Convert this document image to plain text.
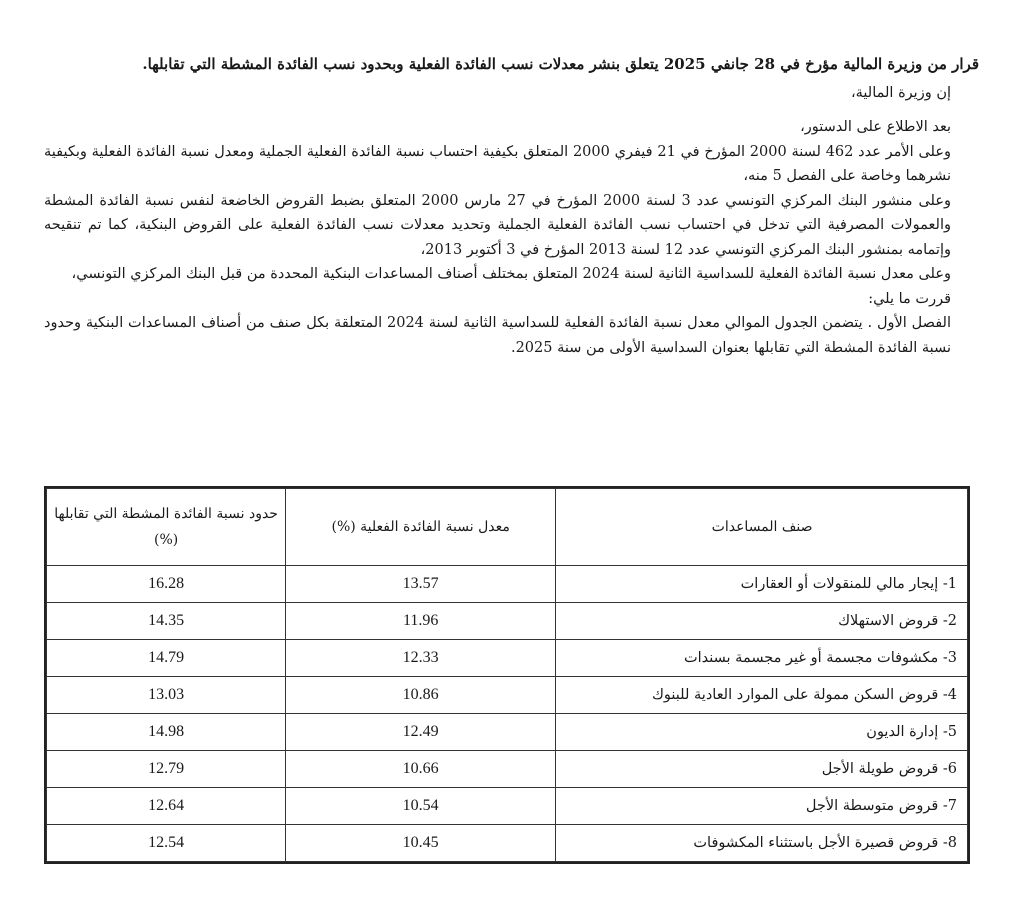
قرار من وزيرة المالية مؤرخ في 28 جانفي 2025 يتعلق بنشر معدلات نسب الفائدة الفعلية وبحدود نسب الفائدة المشطة التي تقابلها.

إن وزيرة المالية،

بعد الاطلاع على الدستور،

وعلى الأمر عدد 462 لسنة 2000 المؤرخ في 21 فيفري 2000 المتعلق بكيفية احتساب نسبة الفائدة الفعلية الجملية ومعدل نسبة الفائدة الفعلية وبكيفية نشرهما وخاصة على الفصل 5 منه،

وعلى منشور البنك المركزي التونسي عدد 3 لسنة 2000 المؤرخ في 27 مارس 2000 المتعلق بضبط القروض الخاضعة لنفس نسبة الفائدة المشطة والعمولات المصرفية التي تدخل في احتساب نسب الفائدة الفعلية الجملية وتحديد معدلات نسب الفائدة الفعلية على القروض البنكية، كما تم تنقيحه وإتمامه بمنشور البنك المركزي التونسي عدد 12 لسنة 2013 المؤرخ في 3 أكتوبر 2013،

وعلى معدل نسبة الفائدة الفعلية للسداسية الثانية لسنة 2024 المتعلق بمختلف أصناف المساعدات البنكية المحددة من قبل البنك المركزي التونسي،

قررت ما يلي:

الفصل الأول . يتضمن الجدول الموالي معدل نسبة الفائدة الفعلية للسداسية الثانية لسنة 2024 المتعلقة بكل صنف من أصناف المساعدات البنكية وحدود نسبة الفائدة المشطة التي تقابلها بعنوان السداسية الأولى من سنة 2025.

صنف المساعدات	معدل نسبة الفائدة الفعلية (%)	حدود نسبة الفائدة المشطة التي تقابلها (%)
1- إيجار مالي للمنقولات أو العقارات	13.57	16.28
2- قروض الاستهلاك	11.96	14.35
3- مكشوفات مجسمة أو غير مجسمة بسندات	12.33	14.79
4- قروض السكن ممولة على الموارد العادية للبنوك	10.86	13.03
5- إدارة الديون	12.49	14.98
6- قروض طويلة الأجل	10.66	12.79
7- قروض متوسطة الأجل	10.54	12.64
8- قروض قصيرة الأجل باستثناء المكشوفات	10.45	12.54
